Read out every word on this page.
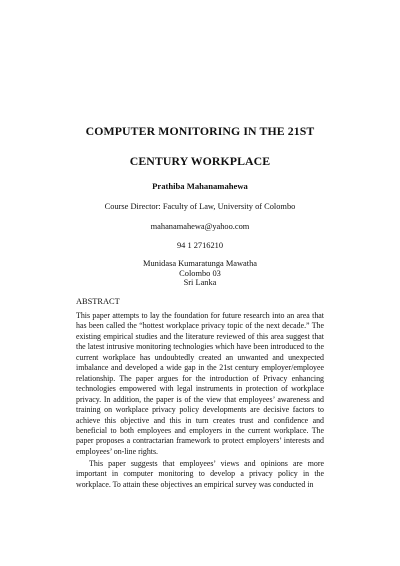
COMPUTER MONITORING IN THE 21ST
CENTURY WORKPLACE
Prathiba Mahanamahewa
Course Director: Faculty of Law, University of Colombo
mahanamahewa@yahoo.com
94 1 2716210
Munidasa Kumaratunga Mawatha
Colombo 03
Sri Lanka
ABSTRACT
This paper attempts to lay the foundation for future research into an area that has been called the “hottest workplace privacy topic of the next decade.” The existing empirical studies and the literature reviewed of this area suggest that the latest intrusive monitoring technologies which have been introduced to the current workplace has undoubtedly created an unwanted and unexpected imbalance and developed a wide gap in the 21st century employer/employee relationship. The paper argues for the introduction of Privacy enhancing technologies empowered with legal instruments in protection of workplace privacy. In addition, the paper is of the view that employees’ awareness and training on workplace privacy policy developments are decisive factors to achieve this objective and this in turn creates trust and confidence and beneficial to both employees and employers in the current workplace. The paper proposes a contractarian framework to protect employers’ interests and employees’ on-line rights.
This paper suggests that employees’ views and opinions are more important in computer monitoring to develop a privacy policy in the workplace. To attain these objectives an empirical survey was conducted in
